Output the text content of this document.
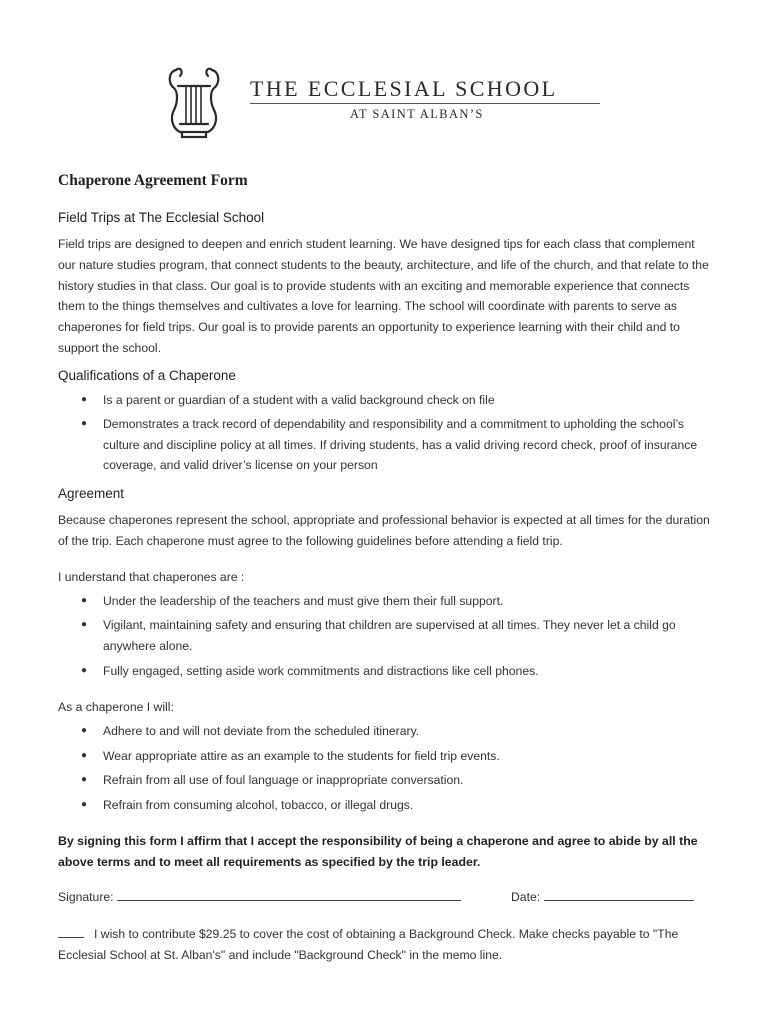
THE ECCLESIAL SCHOOL
AT SAINT ALBAN’S
Chaperone Agreement Form
Field Trips at The Ecclesial School
Field trips are designed to deepen and enrich student learning. We have designed tips for each class that complement our nature studies program, that connect students to the beauty, architecture, and life of the church, and that relate to the history studies in that class. Our goal is to provide students with an exciting and memorable experience that connects them to the things themselves and cultivates a love for learning. The school will coordinate with parents to serve as chaperones for field trips. Our goal is to provide parents an opportunity to experience learning with their child and to support the school.
Qualifications of a Chaperone
● Is a parent or guardian of a student with a valid background check on file
● Demonstrates a track record of dependability and responsibility and a commitment to upholding the school’s culture and discipline policy at all times. If driving students, has a valid driving record check, proof of insurance coverage, and valid driver’s license on your person
Agreement
Because chaperones represent the school, appropriate and professional behavior is expected at all times for the duration of the trip. Each chaperone must agree to the following guidelines before attending a field trip.
I understand that chaperones are :
● Under the leadership of the teachers and must give them their full support.
● Vigilant, maintaining safety and ensuring that children are supervised at all times. They never let a child go anywhere alone.
● Fully engaged, setting aside work commitments and distractions like cell phones.
As a chaperone I will:
● Adhere to and will not deviate from the scheduled itinerary.
● Wear appropriate attire as an example to the students for field trip events.
● Refrain from all use of foul language or inappropriate conversation.
● Refrain from consuming alcohol, tobacco, or illegal drugs.
By signing this form I affirm that I accept the responsibility of being a chaperone and agree to abide by all the above terms and to meet all requirements as specified by the trip leader.
Signature:	Date:
I wish to contribute $29.25 to cover the cost of obtaining a Background Check. Make checks payable to "The Ecclesial School at St. Alban's" and include "Background Check" in the memo line.
